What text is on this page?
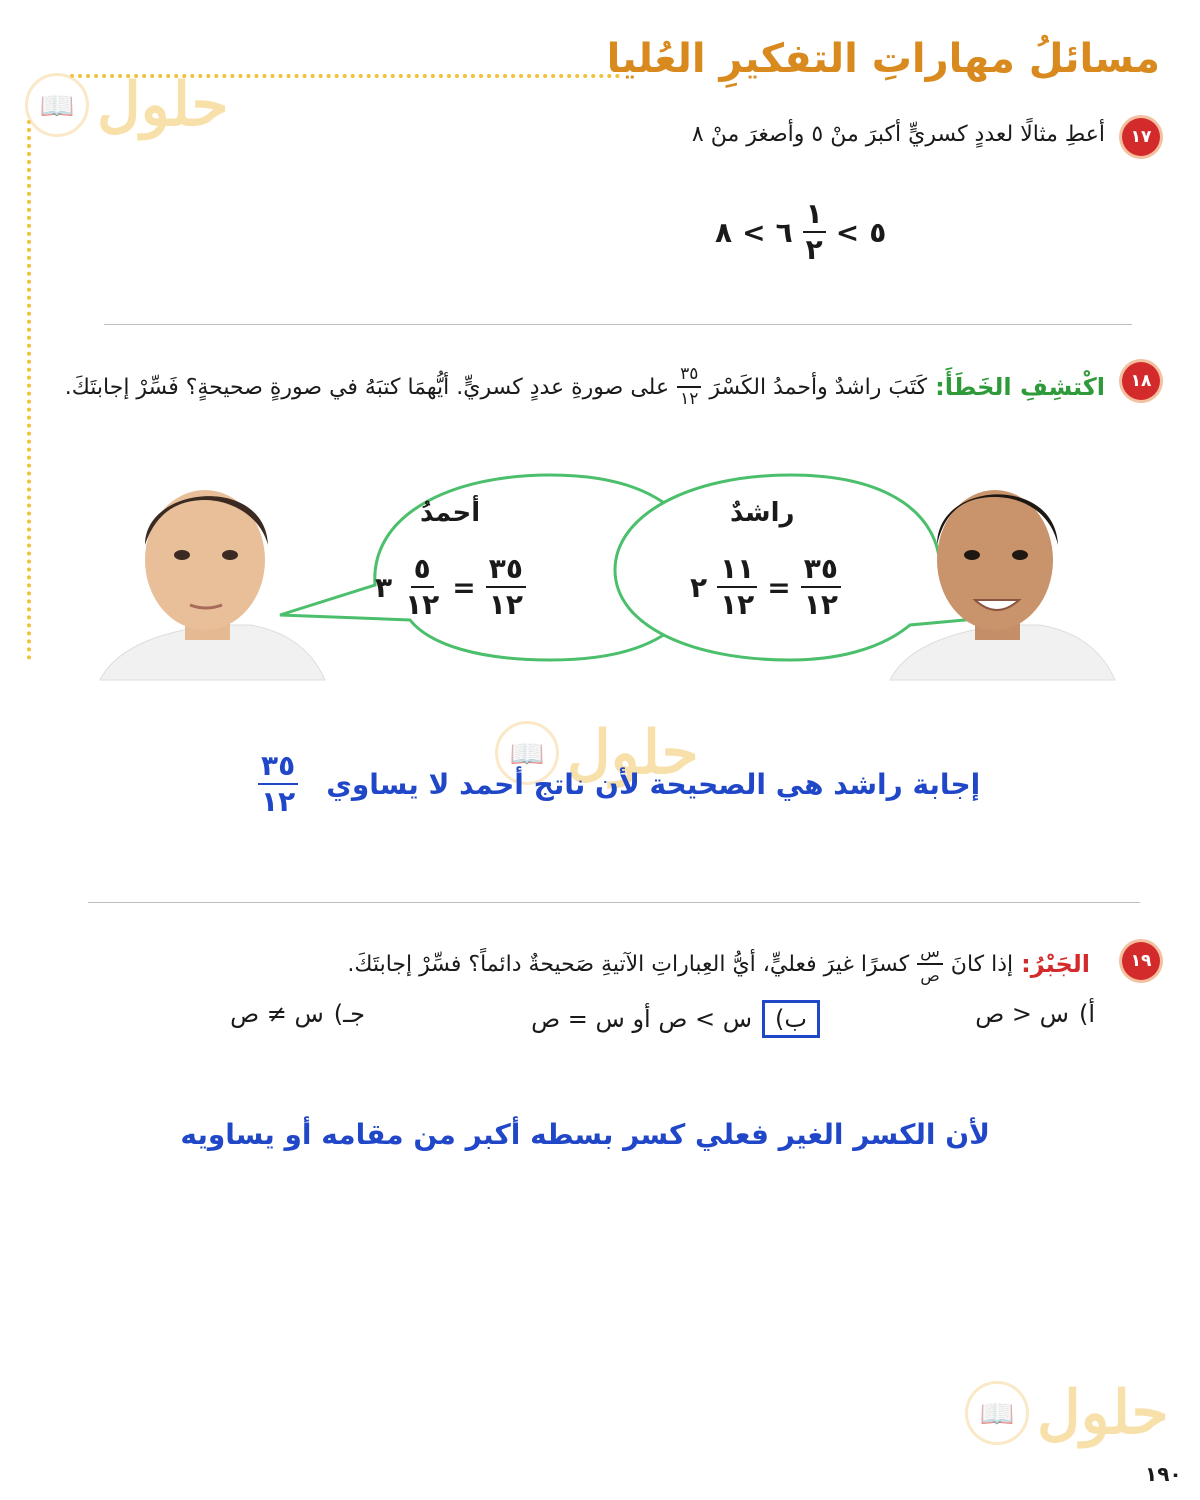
مسائلُ مهاراتِ التفكيرِ العُليا
📖 حلول	١٧
أعطِ مثالًا لعددٍ كسريٍّ أكبرَ منْ ٥ وأصغرَ منْ ٨
٨ < ٦ $\frac{١}{٢}$ < ٥
١٨
اكْتشِفِ الخَطَأَ:
كَتَبَ راشدٌ وأحمدُ الكَسْرَ
$\frac{٣٥}{١٢}$
على صورةِ عددٍ كسريٍّ. أيُّهمَا كتبَهُ في صورةٍ صحيحةٍ؟ فَسِّرْ إجابتَكَ.
أحمدُ
٣ $\frac{٥}{١٢} = \frac{٣٥}{١٢}$
راشدٌ
٢ $\frac{١١}{١٢} = \frac{٣٥}{١٢}$
📖 حلول
$\frac{٣٥}{١٢}$ إجابة راشد هي الصحيحة لأن ناتج أحمد لا يساوي
١٩
الجَبْرُ:
إذا كانَ
$\frac{\text{س}}{\text{ص}}$
كسرًا غيرَ فعليٍّ، أيُّ العِباراتِ الآتيةِ صَحيحةٌ دائماً؟ فسِّرْ إجابتَكَ.
أ)
س < ص
ب)
س > ص أو س = ص
جـ)
س ≠ ص
لأن الكسر الغير فعلي كسر بسطه أكبر من مقامه أو يساويه
📖 حلول
١٩٠
